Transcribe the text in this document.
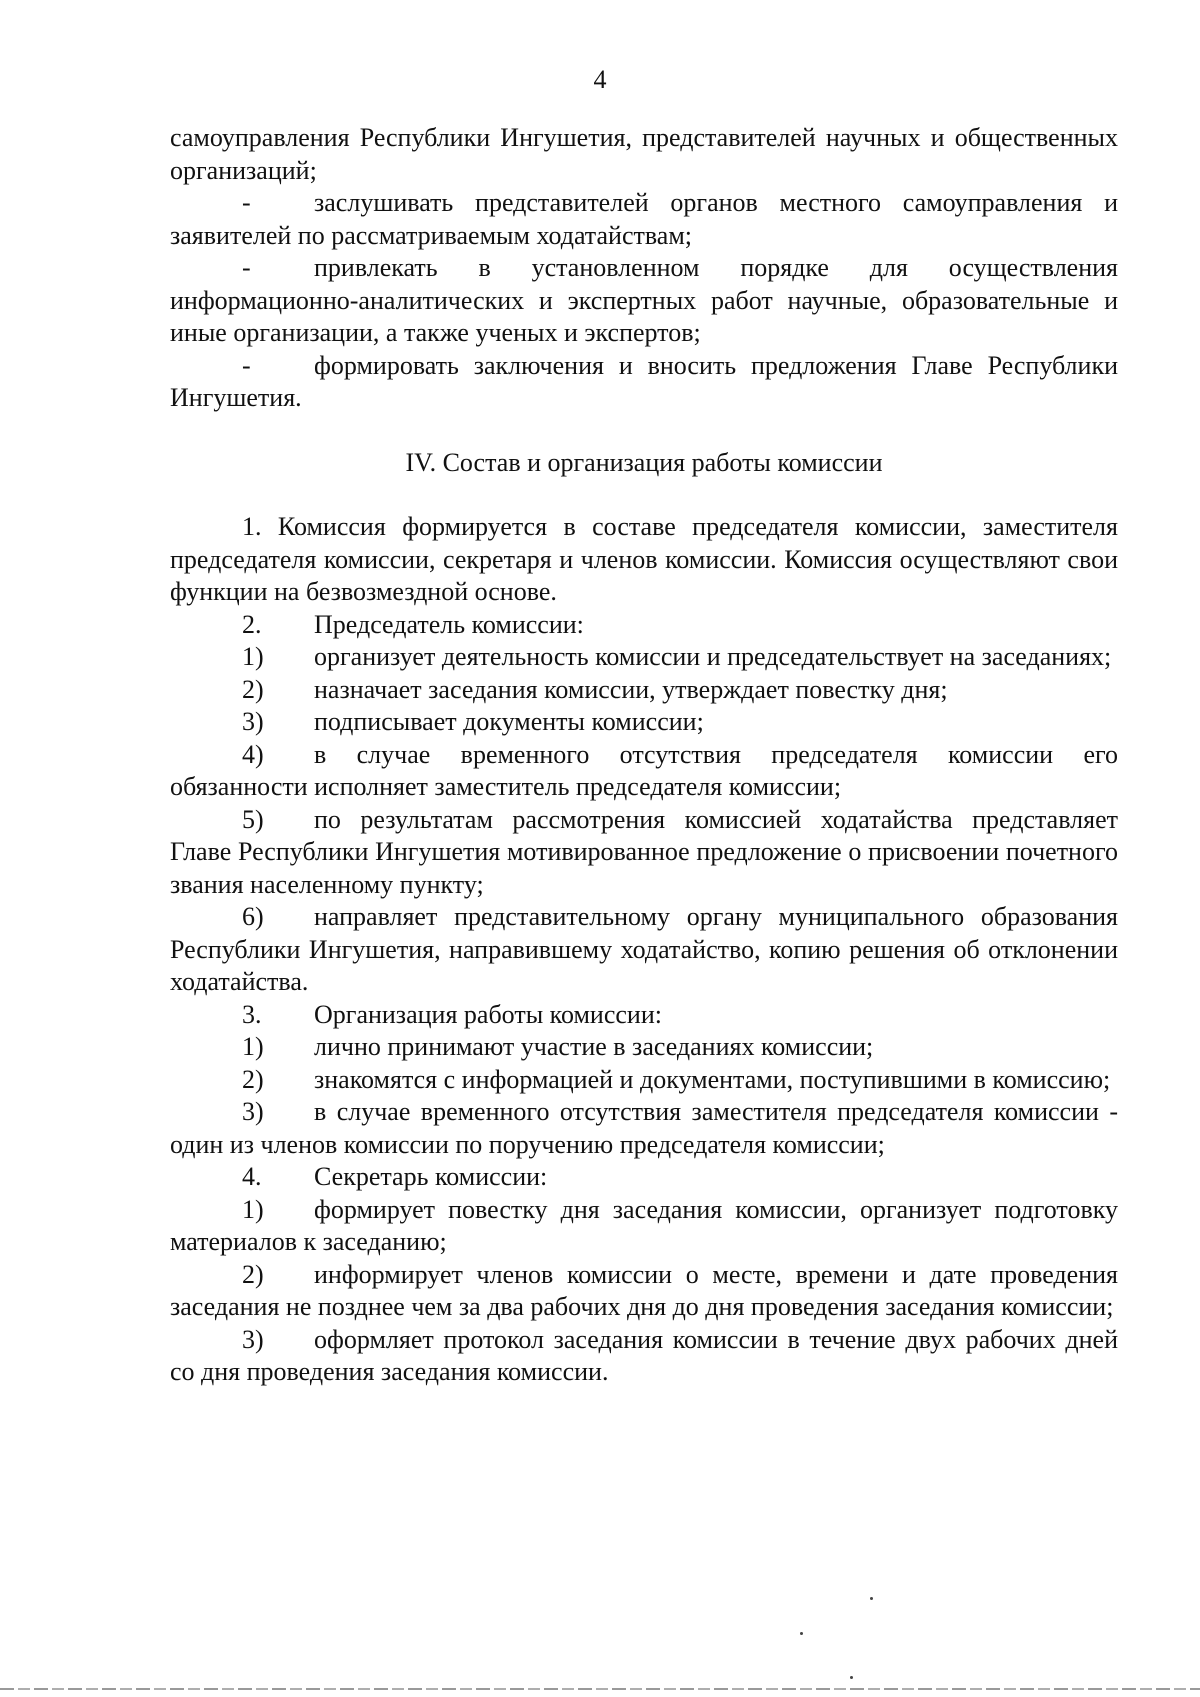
4

самоуправления Республики Ингушетия, представителей научных и общественных организаций;

- заслушивать представителей органов местного самоуправления и заявителей по рассматриваемым ходатайствам;

- привлекать в установленном порядке для осуществления информационно-аналитических и экспертных работ научные, образовательные и иные организации, а также ученых и экспертов;

- формировать заключения и вносить предложения Главе Республики Ингушетия.

IV. Состав и организация работы комиссии

1. Комиссия формируется в составе председателя комиссии, заместителя председателя комиссии, секретаря и членов комиссии. Комиссия осуществляют свои функции на безвозмездной основе.

2. Председатель комиссии:

1) организует деятельность комиссии и председательствует на заседаниях;

2) назначает заседания комиссии, утверждает повестку дня;

3) подписывает документы комиссии;

4) в случае временного отсутствия председателя комиссии его обязанности исполняет заместитель председателя комиссии;

5) по результатам рассмотрения комиссией ходатайства представляет Главе Республики Ингушетия мотивированное предложение о присвоении почетного звания населенному пункту;

6) направляет представительному органу муниципального образования Республики Ингушетия, направившему ходатайство, копию решения об отклонении ходатайства.

3. Организация работы комиссии:

1) лично принимают участие в заседаниях комиссии;

2) знакомятся с информацией и документами, поступившими в комиссию;

3) в случае временного отсутствия заместителя председателя комиссии - один из членов комиссии по поручению председателя комиссии;

4. Секретарь комиссии:

1) формирует повестку дня заседания комиссии, организует подготовку материалов к заседанию;

2) информирует членов комиссии о месте, времени и дате проведения заседания не позднее чем за два рабочих дня до дня проведения заседания комиссии;

3) оформляет протокол заседания комиссии в течение двух рабочих дней со дня проведения заседания комиссии.
